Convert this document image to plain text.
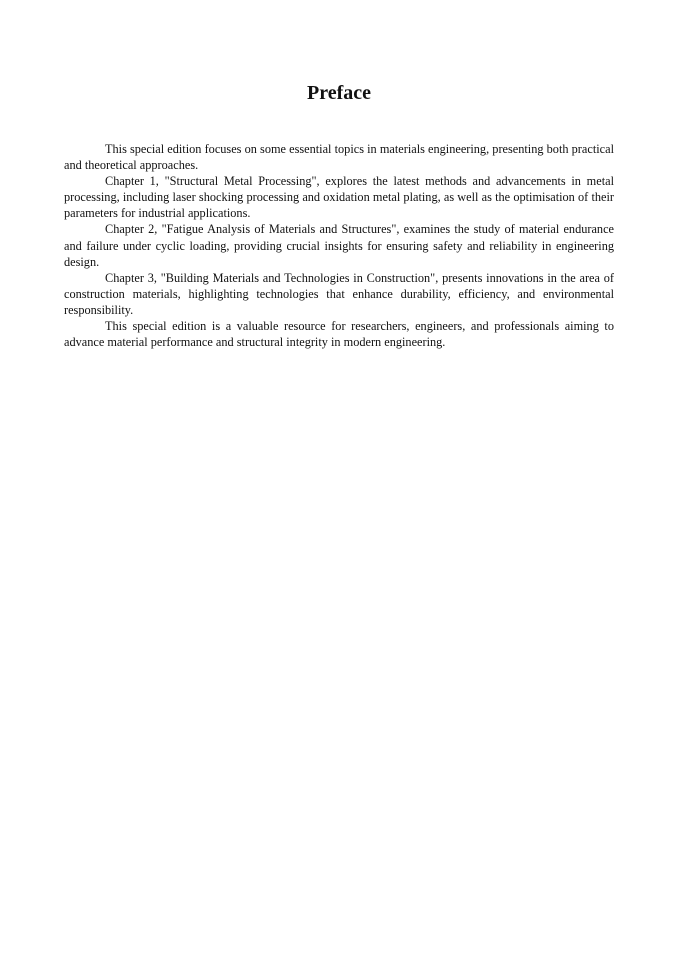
Preface

This special edition focuses on some essential topics in materials engineering, presenting both practical and theoretical approaches.

Chapter 1, "Structural Metal Processing", explores the latest methods and advancements in metal processing, including laser shocking processing and oxidation metal plating, as well as the optimisation of their parameters for industrial applications.

Chapter 2, "Fatigue Analysis of Materials and Structures", examines the study of material endurance and failure under cyclic loading, providing crucial insights for ensuring safety and reliability in engineering design.

Chapter 3, "Building Materials and Technologies in Construction", presents innovations in the area of construction materials, highlighting technologies that enhance durability, efficiency, and environmental responsibility.

This special edition is a valuable resource for researchers, engineers, and professionals aiming to advance material performance and structural integrity in modern engineering.
